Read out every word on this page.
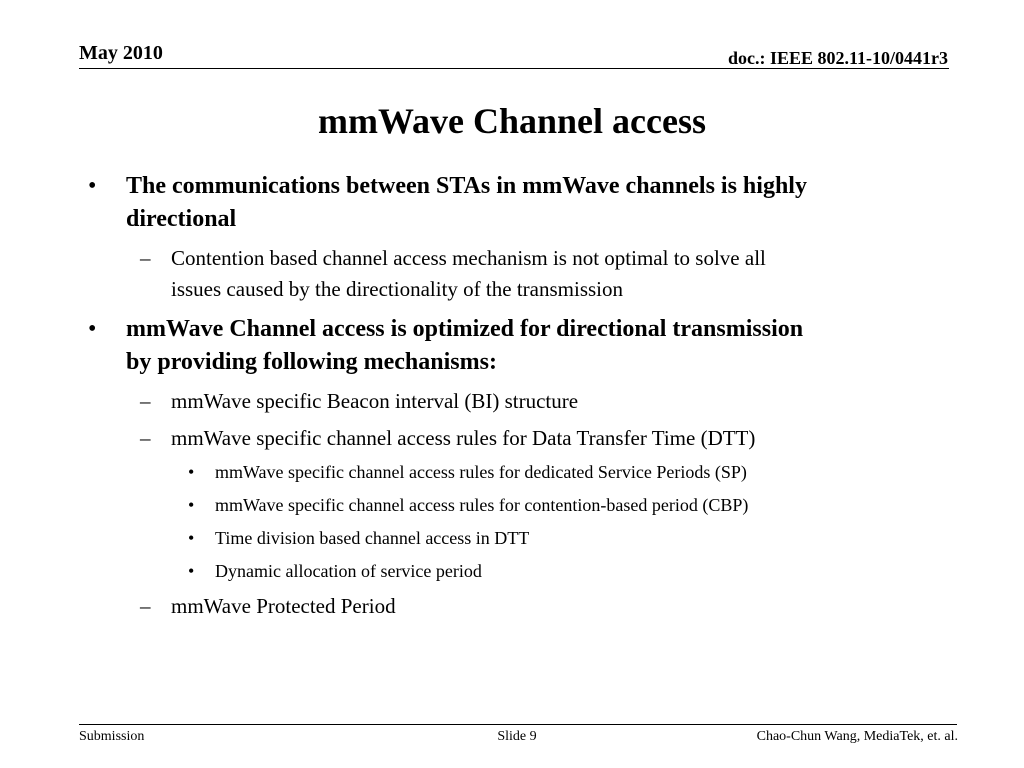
May 2010	doc.: IEEE 802.11-10/0441r3
mmWave Channel access
• The communications between STAs in mmWave channels is highly
directional
– Contention based channel access mechanism is not optimal to solve all
issues caused by the directionality of the transmission
• mmWave Channel access is optimized for directional transmission
by providing following mechanisms:
– mmWave specific Beacon interval (BI) structure
– mmWave specific channel access rules for Data Transfer Time (DTT)
• mmWave specific channel access rules for dedicated Service Periods (SP)
• mmWave specific channel access rules for contention-based period (CBP)
• Time division based channel access in DTT
• Dynamic allocation of service period
– mmWave Protected Period
Submission	Slide 9	Chao-Chun Wang, MediaTek, et. al.
